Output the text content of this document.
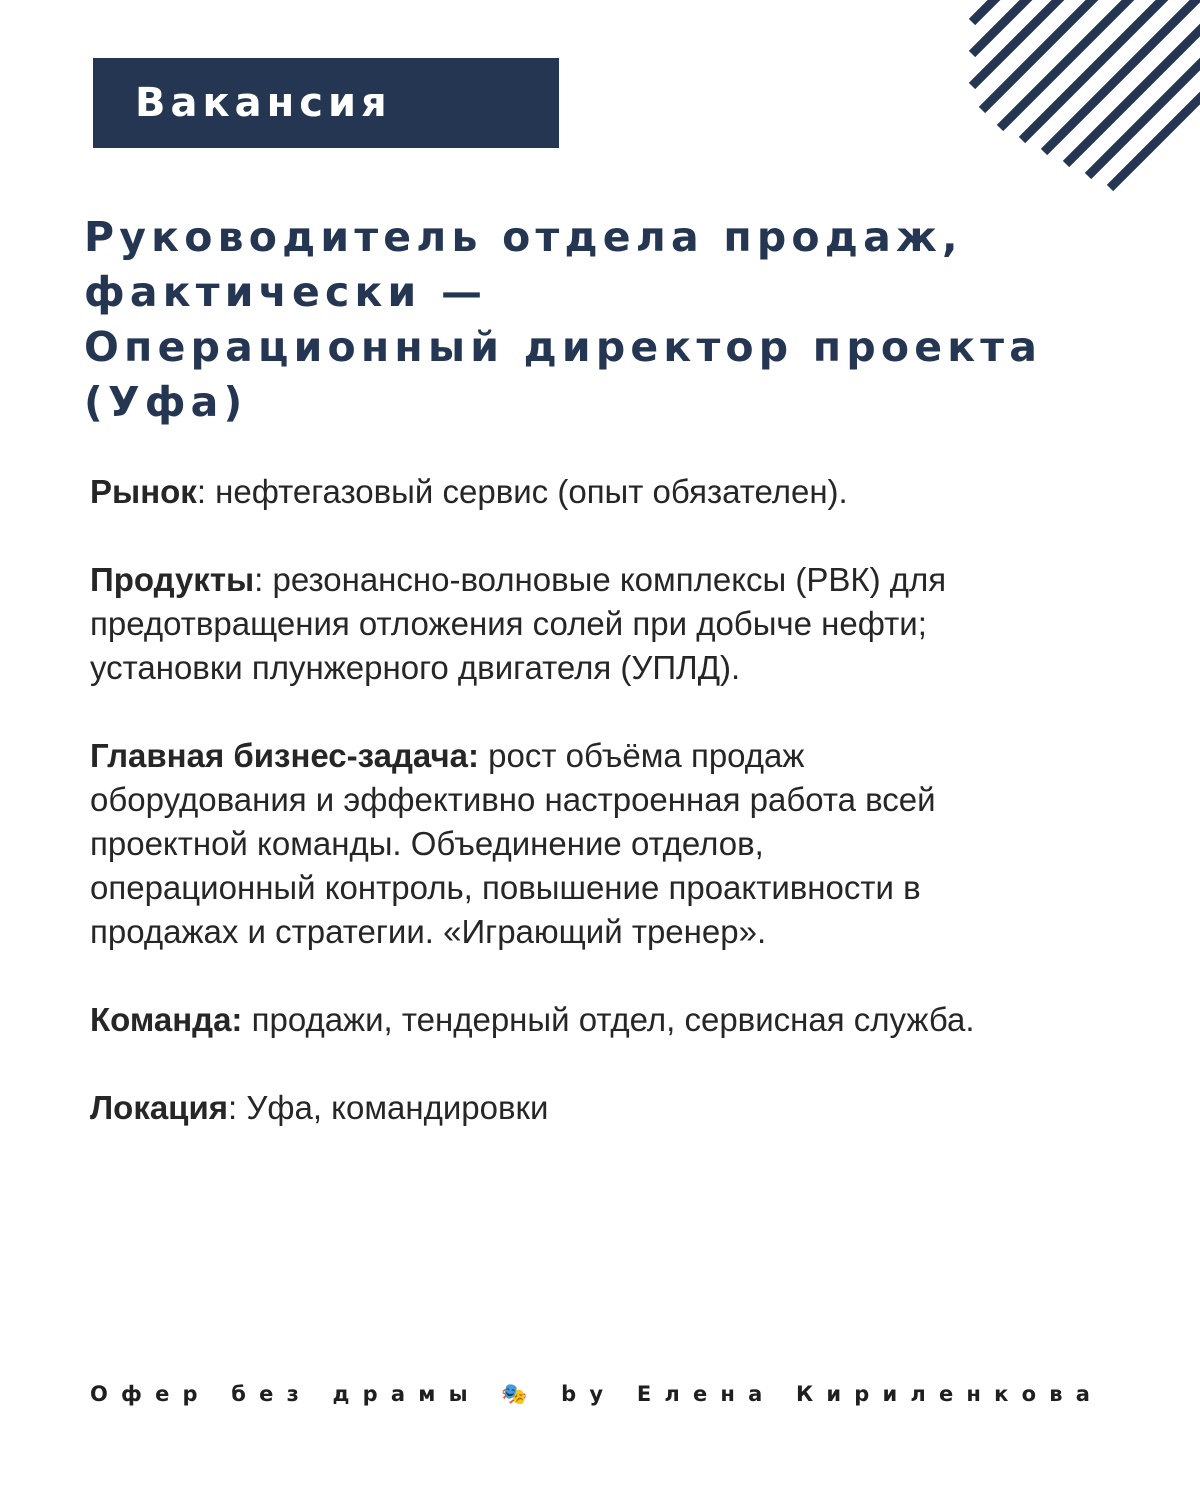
Вакансия
Руководитель отдела продаж,
фактически —
Операционный директор проекта
(Уфа)

Рынок: нефтегазовый сервис (опыт обязателен).

Продукты: резонансно-волновые комплексы (РВК) для
предотвращения отложения солей при добыче нефти;
установки плунжерного двигателя (УПЛД).

Главная бизнес-задача: рост объёма продаж
оборудования и эффективно настроенная работа всей
проектной команды. Объединение отделов,
операционный контроль, повышение проактивности в
продажах и стратегии. «Играющий тренер».

Команда: продажи, тендерный отдел, сервисная служба.

Локация: Уфа, командировки

Офер без драмы 🎭 by Елена Кириленкова
